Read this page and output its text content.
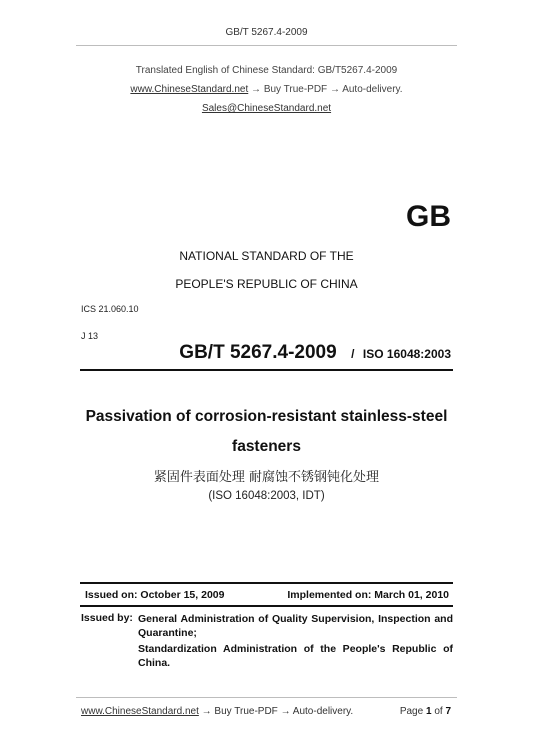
GB/T 5267.4-2009
Translated English of Chinese Standard: GB/T5267.4-2009
www.ChineseStandard.net → Buy True-PDF → Auto-delivery.
Sales@ChineseStandard.net
GB
NATIONAL STANDARD OF THE
PEOPLE'S REPUBLIC OF CHINA
ICS 21.060.10
J 13
GB/T 5267.4-2009 / ISO 16048:2003
Passivation of corrosion-resistant stainless-steel
fasteners
紧固件表面处理 耐腐蚀不锈钢钝化处理
(ISO 16048:2003, IDT)
Issued on: October 15, 2009	Implemented on: March 01, 2010
Issued by: General Administration of Quality Supervision, Inspection and Quarantine;
Standardization Administration of the People's Republic of China.
www.ChineseStandard.net → Buy True-PDF → Auto-delivery.	Page 1 of 7
